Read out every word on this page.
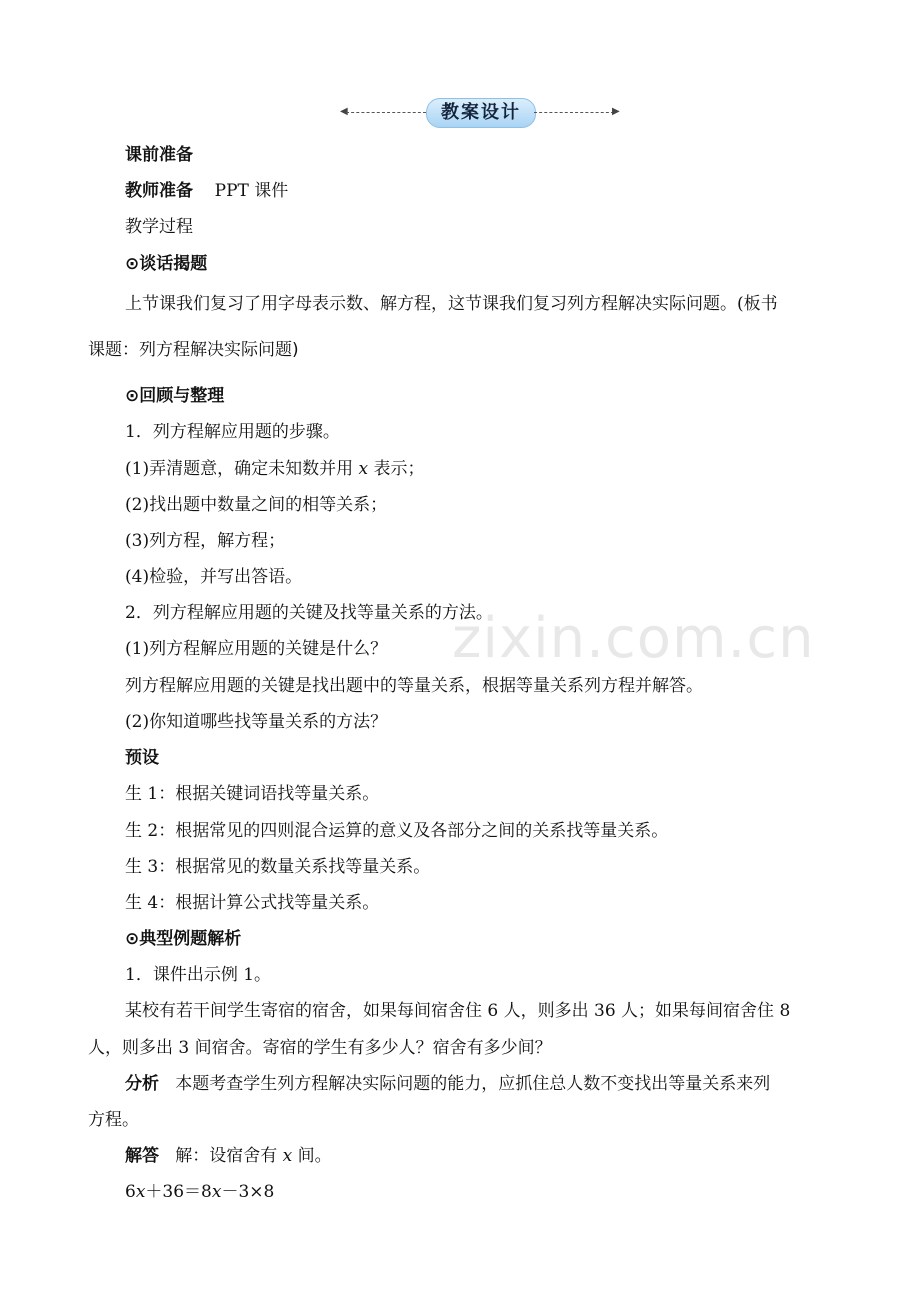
◀	教案设计	▶
课前准备
教师准备 PPT 课件
教学过程
⊙谈话揭题
上节课我们复习了用字母表示数、解方程，这节课我们复习列方程解决实际问题。(板书
课题：列方程解决实际问题)
⊙回顾与整理
1．列方程解应用题的步骤。
(1)弄清题意，确定未知数并用 x 表示；
(2)找出题中数量之间的相等关系；
(3)列方程，解方程；
(4)检验，并写出答语。
2．列方程解应用题的关键及找等量关系的方法。
(1)列方程解应用题的关键是什么？
列方程解应用题的关键是找出题中的等量关系，根据等量关系列方程并解答。
(2)你知道哪些找等量关系的方法？
预设
生 1：根据关键词语找等量关系。
生 2：根据常见的四则混合运算的意义及各部分之间的关系找等量关系。
生 3：根据常见的数量关系找等量关系。
生 4：根据计算公式找等量关系。
⊙典型例题解析
1．课件出示例 1。
某校有若干间学生寄宿的宿舍，如果每间宿舍住 6 人，则多出 36 人；如果每间宿舍住 8
人，则多出 3 间宿舍。寄宿的学生有多少人？宿舍有多少间？
分析 本题考查学生列方程解决实际问题的能力，应抓住总人数不变找出等量关系来列
方程。
解答 解：设宿舍有 x 间。
6x＋36＝8x－3×8
zixin.com.cn
